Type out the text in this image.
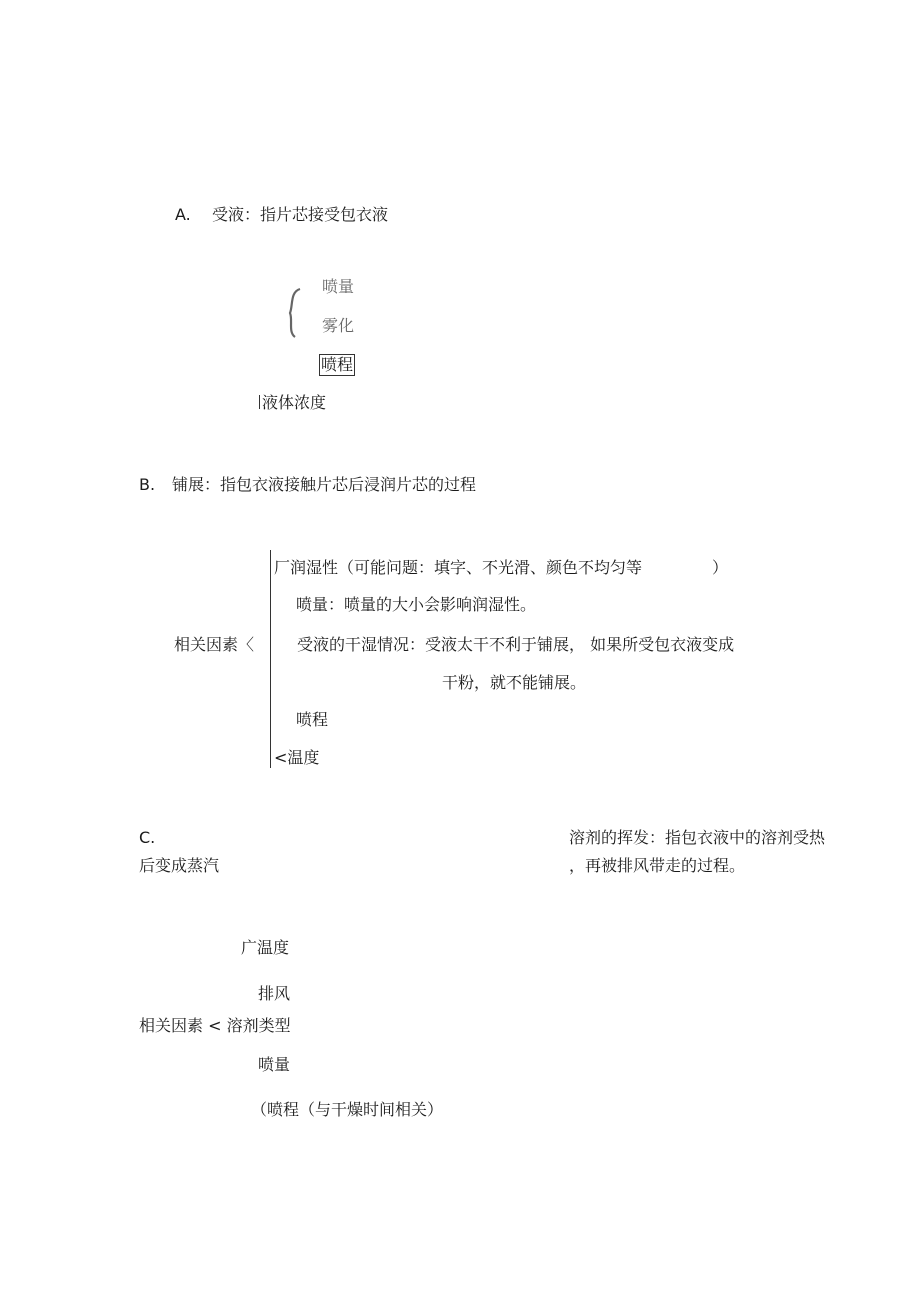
A. 受液：指片芯接受包衣液
喷量
雾化
喷程
液体浓度
B. 铺展：指包衣液接触片芯后浸润片芯的过程
厂润湿性（可能问题：填字、不光滑、颜色不均匀等	）
喷量：喷量的大小会影响润湿性。
相关因素〈	受液的干湿情况：受液太干不利于铺展， 如果所受包衣液变成
干粉，就不能铺展。
喷程
<温度
C.	溶剂的挥发：指包衣液中的溶剂受热
后变成蒸汽	，再被排风带走的过程。
广温度
排风
相关因素 < 溶剂类型
喷量
（喷程（与干燥时间相关）
